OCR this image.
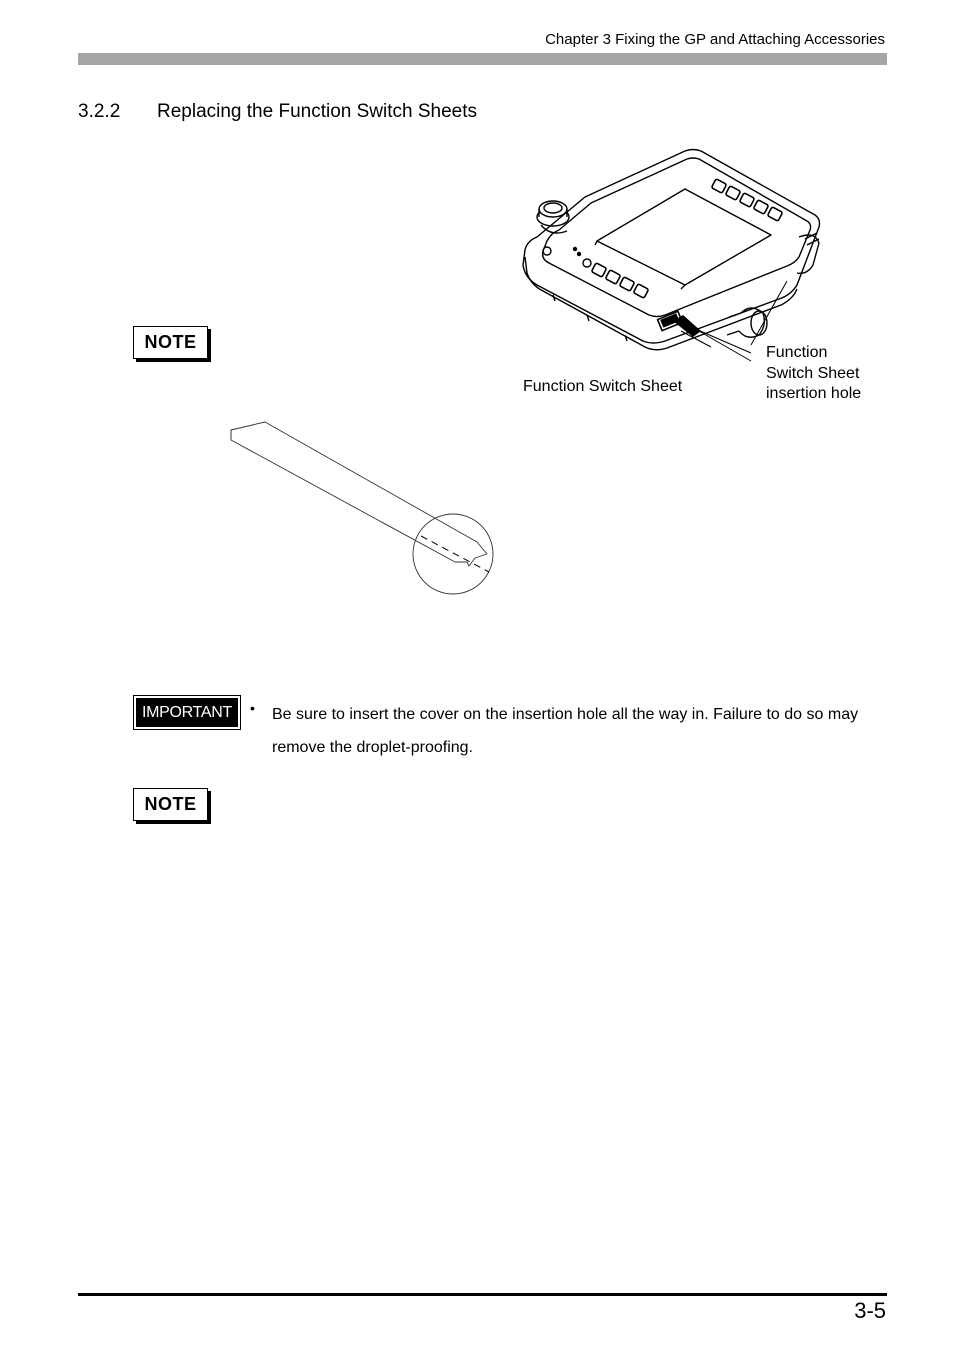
Chapter 3 Fixing the GP and Attaching Accessories
3.2.2 Replacing the Function Switch Sheets
Function Switch Sheet
Function
Switch Sheet
insertion hole
NOTE
IMPORTANT	• Be sure to insert the cover on the insertion hole all the way in. Failure to do so may remove the droplet-proofing.
NOTE
3-5
